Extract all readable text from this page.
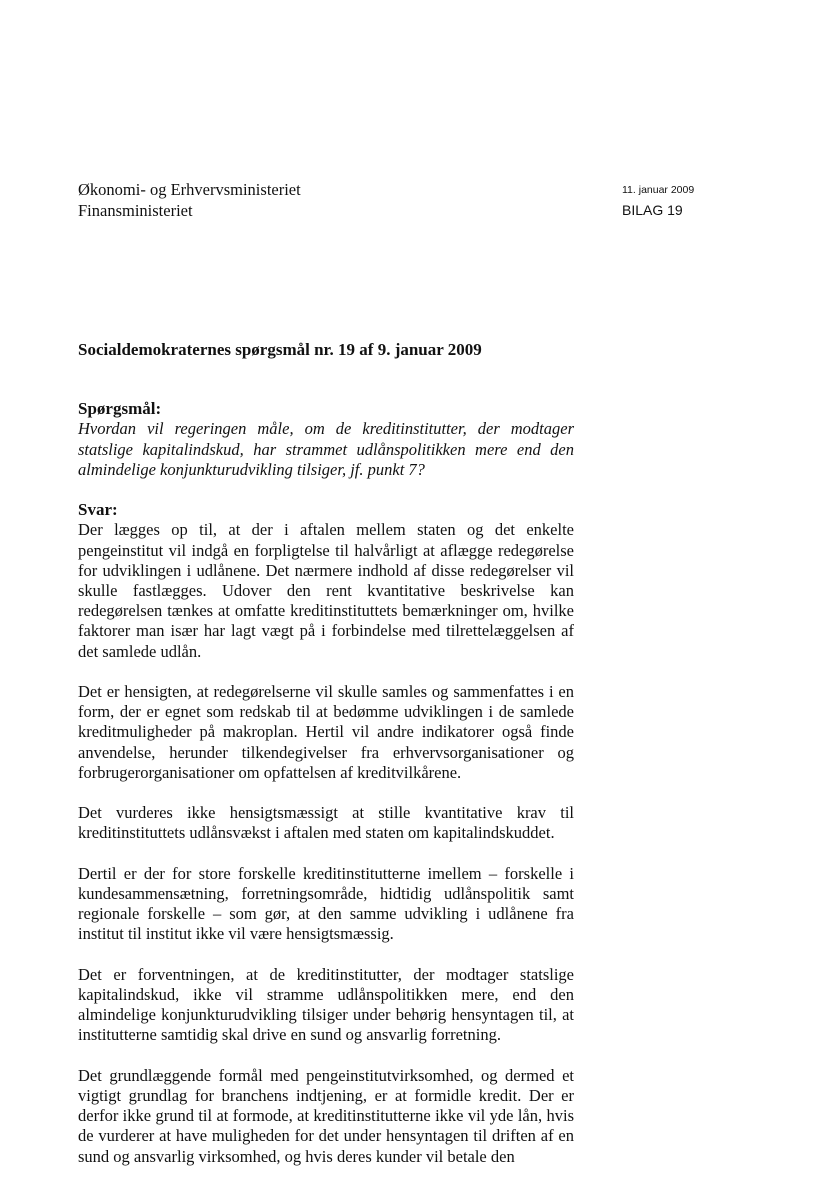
Økonomi- og Erhvervsministeriet
Finansministeriet
11. januar 2009
BILAG 19
Socialdemokraternes spørgsmål nr. 19 af 9. januar 2009
Spørgsmål:

Hvordan vil regeringen måle, om de kreditinstitutter, der modtager statslige kapitalindskud, har strammet udlånspolitikken mere end den almindelige konjunkturudvikling tilsiger, jf. punkt 7?

Svar:

Der lægges op til, at der i aftalen mellem staten og det enkelte pengeinstitut vil indgå en forpligtelse til halvårligt at aflægge redegørelse for udviklingen i udlånene. Det nærmere indhold af disse redegørelser vil skulle fastlægges. Udover den rent kvantitative beskrivelse kan redegørelsen tænkes at omfatte kreditinstituttets bemærkninger om, hvilke faktorer man især har lagt vægt på i forbindelse med tilrettelæggelsen af det samlede udlån.

Det er hensigten, at redegørelserne vil skulle samles og sammenfattes i en form, der er egnet som redskab til at bedømme udviklingen i de samlede kreditmuligheder på makroplan. Hertil vil andre indikatorer også finde anvendelse, herunder tilkendegivelser fra erhvervsorganisationer og forbrugerorganisationer om opfattelsen af kreditvilkårene.

Det vurderes ikke hensigtsmæssigt at stille kvantitative krav til kreditinstituttets udlånsvækst i aftalen med staten om kapitalindskuddet.

Dertil er der for store forskelle kreditinstitutterne imellem – forskelle i kundesammensætning, forretningsområde, hidtidig udlånspolitik samt regionale forskelle – som gør, at den samme udvikling i udlånene fra institut til institut ikke vil være hensigtsmæssig.

Det er forventningen, at de kreditinstitutter, der modtager statslige kapitalindskud, ikke vil stramme udlånspolitikken mere, end den almindelige konjunkturudvikling tilsiger under behørig hensyntagen til, at institutterne samtidig skal drive en sund og ansvarlig forretning.

Det grundlæggende formål med pengeinstitutvirksomhed, og dermed et vigtigt grundlag for branchens indtjening, er at formidle kredit. Der er derfor ikke grund til at formode, at kreditinstitutterne ikke vil yde lån, hvis de vurderer at have muligheden for det under hensyntagen til driften af en sund og ansvarlig virksomhed, og hvis deres kunder vil betale den
